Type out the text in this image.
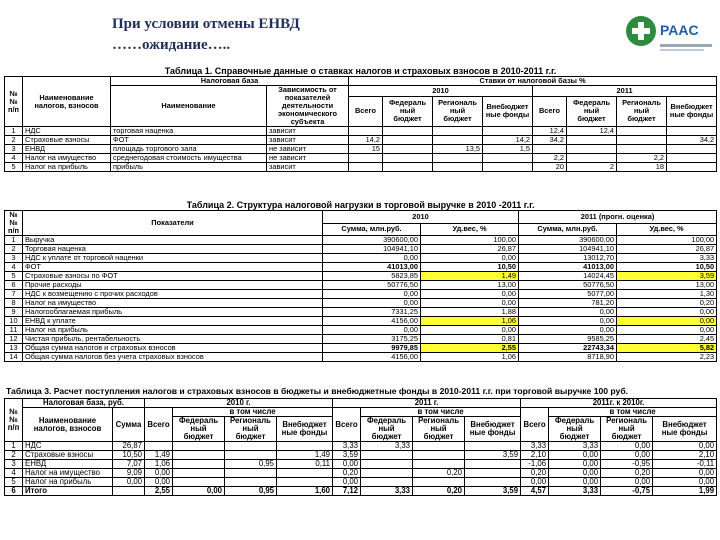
При условии отмены ЕНВД
……ожидание…..
PAAC
Таблица 1. Справочные данные о ставках налогов и страховых взносов в 2010-2011 г.г.											
№№ п/п	Наименование налогов, взносов	Налоговая база		Ставки от налоговой базы %							
		Наименование	Зависимость от показателей деятельности экономического субъекта	2010				2011			
				Всего	Федераль ный бюджет	Региональ ный бюджет	Внебюджет ные фонды	Всего	Федераль ный бюджет	Региональ ный бюджет	Внебюджет ные фонды
1	НДС	торговая наценка	зависит					12,4	12,4		
2	Страховые взносы	ФОТ	зависит	14,2			14,2	34,2			34,2
3	ЕНВД	площадь торгового зала	не зависит	15		13,5	1,5				
4	Налог на имущество	среднегодовая стоимость имущества	не зависит					2,2		2,2	
5	Налог на прибыль	прибыль	зависит					20	2	18	
Таблица 2. Структура налоговой нагрузки в торговой выручке в 2010 -2011 г.г.					
№№ п/п	Показатели	2010		2011 (прогн. оценка)	
		Сумма, млн.руб.	Уд.вес, %	Сумма, млн.руб.	Уд.вес, %
1	Выручка	390600,00	100,00	390600,00	100,00
2	Торговая наценка	104941,10	26,87	104941,10	26,87
3	НДС к уплате от торговой наценки	0,00	0,00	13012,70	3,33
4	ФОТ	41013,00	10,50	41013,00	10,50
5	Страховые взносы по ФОТ	5823,85	1,49	14024,45	3,59
6	Прочие расходы	50776,50	13,00	50776,50	13,00
7	НДС к возмещению с прочих расходов	0,00	0,00	5077,00	1,30
8	Налог на имущество	0,00	0,00	781,20	0,20
9	Налогооблагаемая прибыль	7331,25	1,88	0,00	0,00
10	ЕНВД к уплате	4156,00	1,06	0,00	0,00
11	Налог на прибыль	0,00	0,00	0,00	0,00
12	Чистая прибыль, рентабельность	3175,25	0,81	9585,25	2,45
13	Общая сумма налогов и страховых взносов	9979,85	2,55	22743,34	5,82
14	Общая сумма налогов без учета страховых взносов	4156,00	1,06	8718,90	2,23
Таблица 3. Расчет поступления налогов и страховых взносов в бюджеты и внебюджетные фонды в 2010-2011 г.г. при торговой выручке 100 руб.
№№ п/п	Налоговая база, руб.		2010 г.				2011 г.				2011г. к 2010г.			
	Наименование налогов, взносов	Сумма	Всего	в том числе			Всего	в том числе			Всего	в том числе		
				Федераль ный бюджет	Региональ ный бюджет	Внебюджет ные фонды		Федераль ный бюджет	Региональ ный бюджет	Внебюджет ные фонды		Федераль ный бюджет	Региональ ный бюджет	Внебюджет ные фонды
1	НДС	26,87					3,33	3,33			3,33	3,33	0,00	0,00
2	Страховые взносы	10,50	1,49			1,49	3,59			3,59	2,10	0,00	0,00	2,10
3	ЕНВД	7,07	1,06		0,95	0,11	0,00				-1,06	0,00	-0,95	-0,11
4	Налог на имущество	9,09	0,00				0,20		0,20		0,20	0,00	0,20	0,00
5	Налог на прибыль	0,00	0,00				0,00				0,00	0,00	0,00	0,00
6	Итого		2,55	0,00	0,95	1,60	7,12	3,33	0,20	3,59	4,57	3,33	-0,75	1,99
